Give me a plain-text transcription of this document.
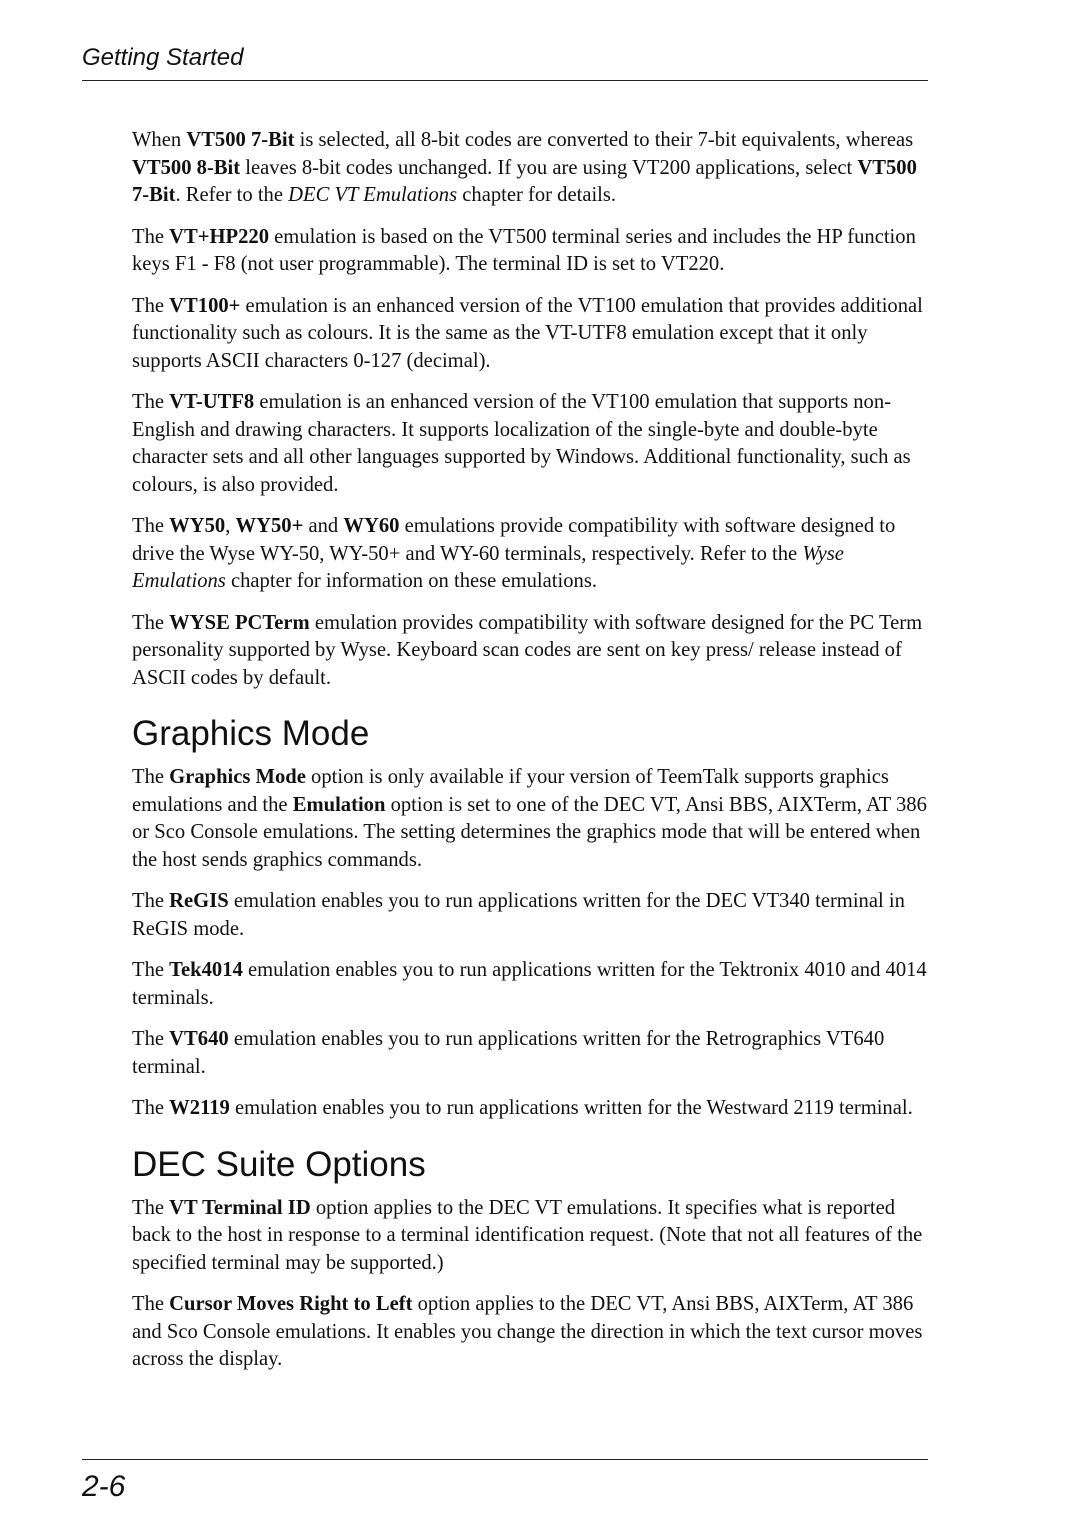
Getting Started

When VT500 7-Bit is selected, all 8-bit codes are converted to their 7-bit equivalents, whereas VT500 8-Bit leaves 8-bit codes unchanged. If you are using VT200 applications, select VT500 7-Bit. Refer to the DEC VT Emulations chapter for details.

The VT+HP220 emulation is based on the VT500 terminal series and includes the HP function keys F1 - F8 (not user programmable). The terminal ID is set to VT220.

The VT100+ emulation is an enhanced version of the VT100 emulation that provides additional functionality such as colours. It is the same as the VT-UTF8 emulation except that it only supports ASCII characters 0-127 (decimal).

The VT-UTF8 emulation is an enhanced version of the VT100 emulation that supports non-English and drawing characters. It supports localization of the single-byte and double-byte character sets and all other languages supported by Windows. Additional functionality, such as colours, is also provided.

The WY50, WY50+ and WY60 emulations provide compatibility with software designed to drive the Wyse WY-50, WY-50+ and WY-60 terminals, respectively. Refer to the Wyse Emulations chapter for information on these emulations.

The WYSE PCTerm emulation provides compatibility with software designed for the PC Term personality supported by Wyse. Keyboard scan codes are sent on key press/ release instead of ASCII codes by default.

Graphics Mode

The Graphics Mode option is only available if your version of TeemTalk supports graphics emulations and the Emulation option is set to one of the DEC VT, Ansi BBS, AIXTerm, AT 386 or Sco Console emulations. The setting determines the graphics mode that will be entered when the host sends graphics commands.

The ReGIS emulation enables you to run applications written for the DEC VT340 terminal in ReGIS mode.

The Tek4014 emulation enables you to run applications written for the Tektronix 4010 and 4014 terminals.

The VT640 emulation enables you to run applications written for the Retrographics VT640 terminal.

The W2119 emulation enables you to run applications written for the Westward 2119 terminal.

DEC Suite Options

The VT Terminal ID option applies to the DEC VT emulations. It specifies what is reported back to the host in response to a terminal identification request. (Note that not all features of the specified terminal may be supported.)

The Cursor Moves Right to Left option applies to the DEC VT, Ansi BBS, AIXTerm, AT 386 and Sco Console emulations. It enables you change the direction in which the text cursor moves across the display.

2-6
